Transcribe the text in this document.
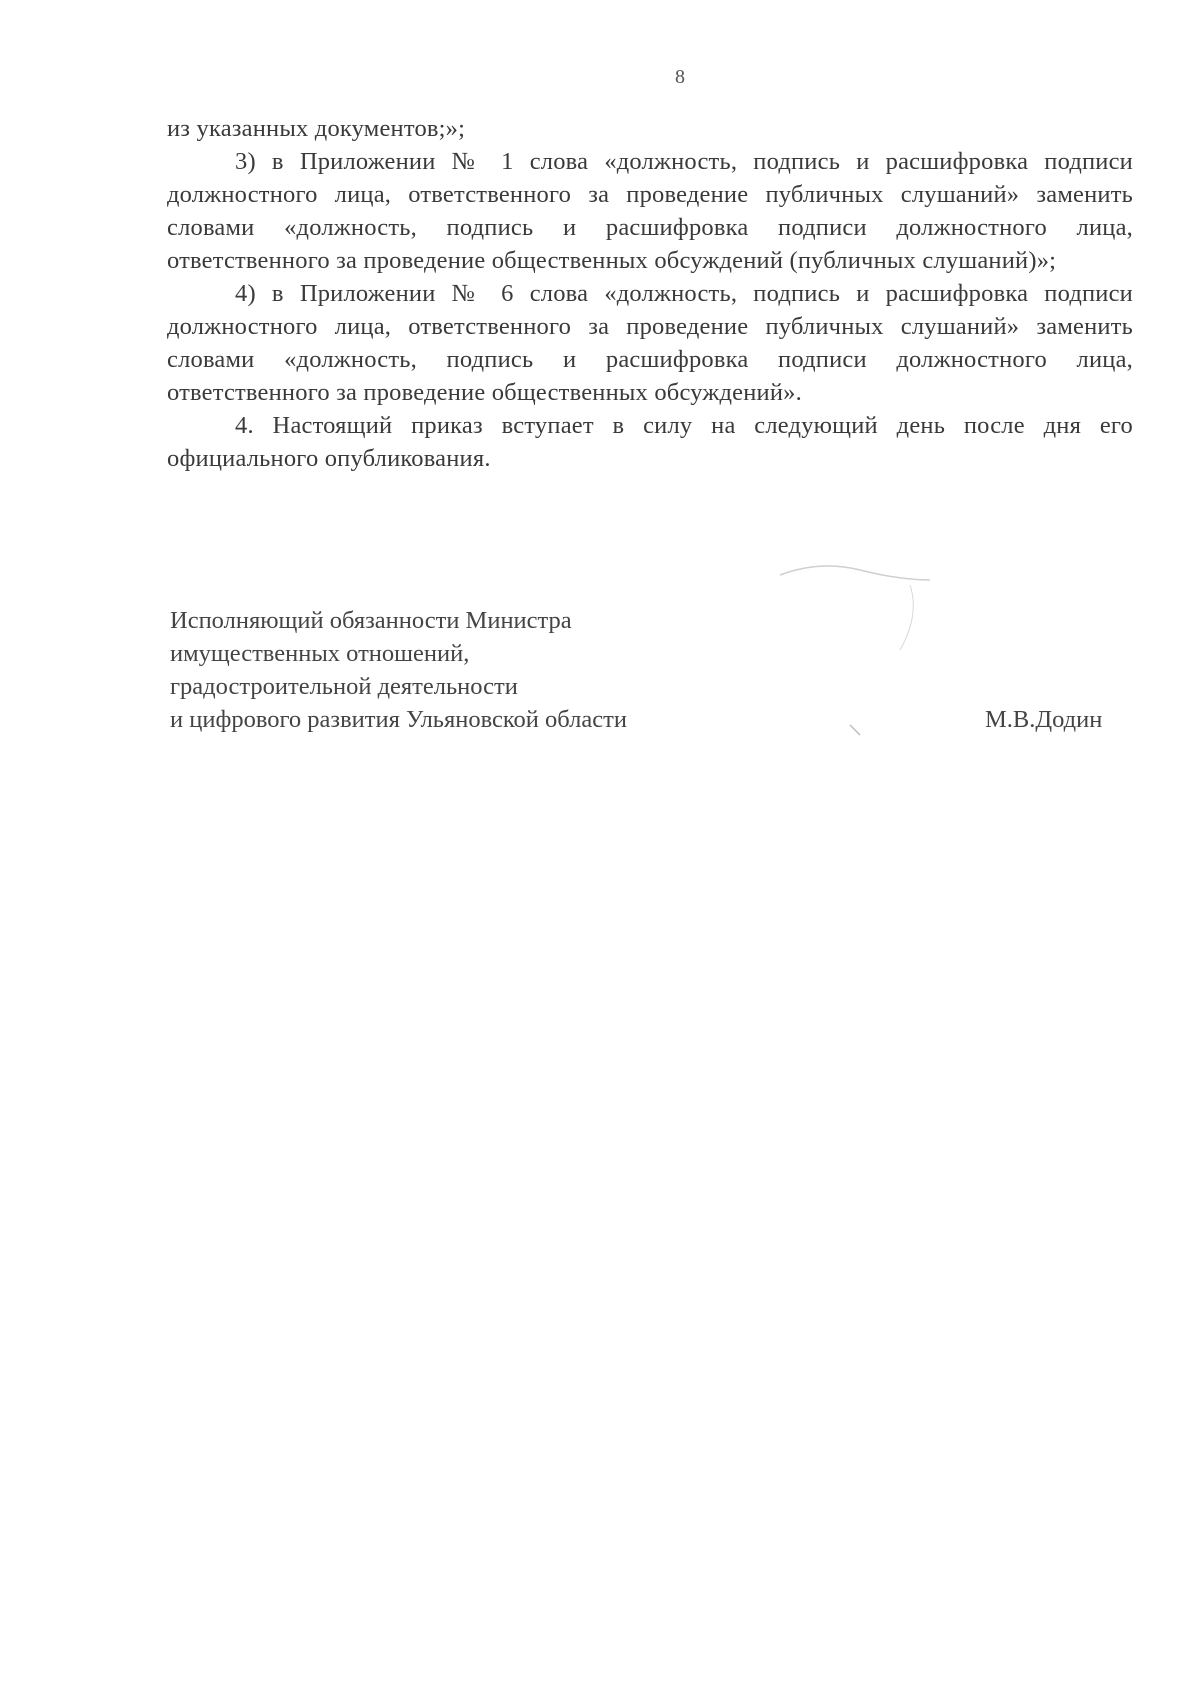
8

из указанных документов;»;

3) в Приложении № 1 слова «должность, подпись и расшифровка подписи должностного лица, ответственного за проведение публичных слушаний» заменить словами «должность, подпись и расшифровка подписи должностного лица, ответственного за проведение общественных обсуждений (публичных слушаний)»;

4) в Приложении № 6 слова «должность, подпись и расшифровка подписи должностного лица, ответственного за проведение публичных слушаний» заменить словами «должность, подпись и расшифровка подписи должностного лица, ответственного за проведение общественных обсуждений».

4. Настоящий приказ вступает в силу на следующий день после дня его официального опубликования.

Исполняющий обязанности Министра
имущественных отношений,
градостроительной деятельности
и цифрового развития Ульяновской области	М.В.Додин
